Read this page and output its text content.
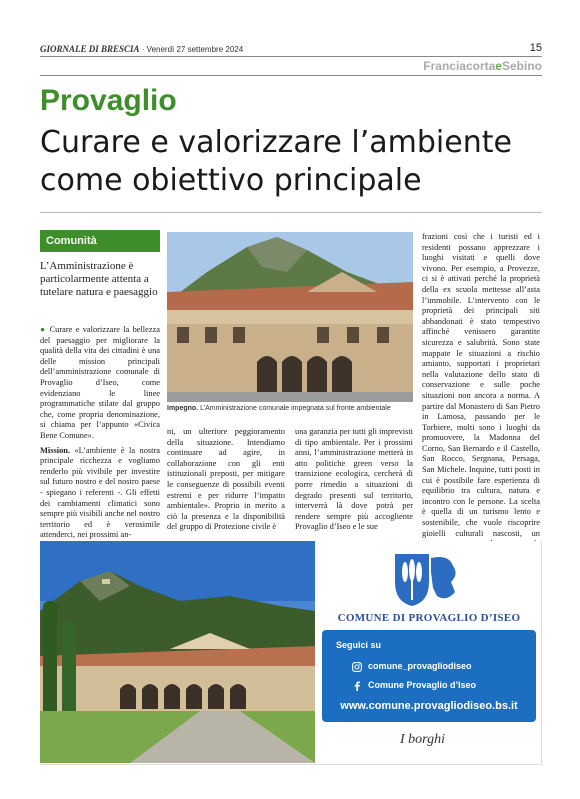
GIORNALE DI BRESCIA · Venerdì 27 settembre 2024	15
FranciacortaeSebino
Provaglio
Curare e valorizzare l’ambiente come obiettivo principale
Comunità
L’Amministrazione è particolarmente attenta a tutelare natura e paesaggio

● Curare e valorizzare la bellezza del paesaggio per migliorare la qualità della vita dei cittadini è una delle mission principali dell’amministrazione comunale di Provaglio d’Iseo, come evidenziano le linee programmatiche stilate dal gruppo che, come propria denominazione, si chiama per l’appunto «Civica Bene Comune».

Mission. «L’ambiente è la nostra principale ricchezza e vogliamo renderlo più vivibile per investire sul futuro nostro e del nostro paese - spiegano i referenti -. Gli effetti dei cambiamenti climatici sono sempre più visibili anche nel nostro territorio ed è verosimile attenderci, nei prossimi an-

Impegno. L’Amministrazione comunale impegnata sul fronte ambientale

ni, un ulteriore peggioramento della situazione. Intendiamo continuare ad agire, in collaborazione con gli enti istituzionali preposti, per mitigare le conseguenze di possibili eventi estremi e per ridurre l’impatto ambientale». Proprio in merito a ciò la presenza e la disponibilità del gruppo di Protezione civile è

una garanzia per tutti gli imprevisti di tipo ambientale. Per i prossimi anni, l’amministrazione metterà in atto politiche green verso la transizione ecologica, cercherà di porre rimedio a situazioni di degrado presenti sul territorio, interverrà là dove potrà per rendere sempre più accogliente Provaglio d’Iseo e le sue

frazioni così che i turisti ed i residenti possano apprezzare i luoghi visitati e quelli dove vivono. Per esempio, a Provezze, ci si è attivati perché la proprietà della ex scuola mettesse all’asta l’immobile. L’intervento con le proprietà dei principali siti abbandonati è stato tempestivo affinché venissero garantite sicurezza e salubrità. Sono state mappate le situazioni a rischio amianto, supportati i proprietari nella valutazione dello stato di conservazione e sulle poche situazioni non ancora a norma. A partire dal Monastero di San Pietro in Lamosa, passando per le Torbiere, molti sono i luoghi da promuovere, la Madonna del Corno, San Bernardo e il Castello, San Rocco, Sergnana, Persaga, San Michele. Inquine, tutti posti in cui è possibile fare esperienza di equilibrio tra cultura, natura e incontro con le persone. La scelta è quella di un turismo lento e sostenibile, che vuole riscoprire gioielli culturali nascosti, un

COMUNE DI PROVAGLIO D’ISEO
Seguici su
comune_provagliodiseo
Comune Provaglio d’Iseo
www.comune.provagliodiseo.bs.it
I borghi
